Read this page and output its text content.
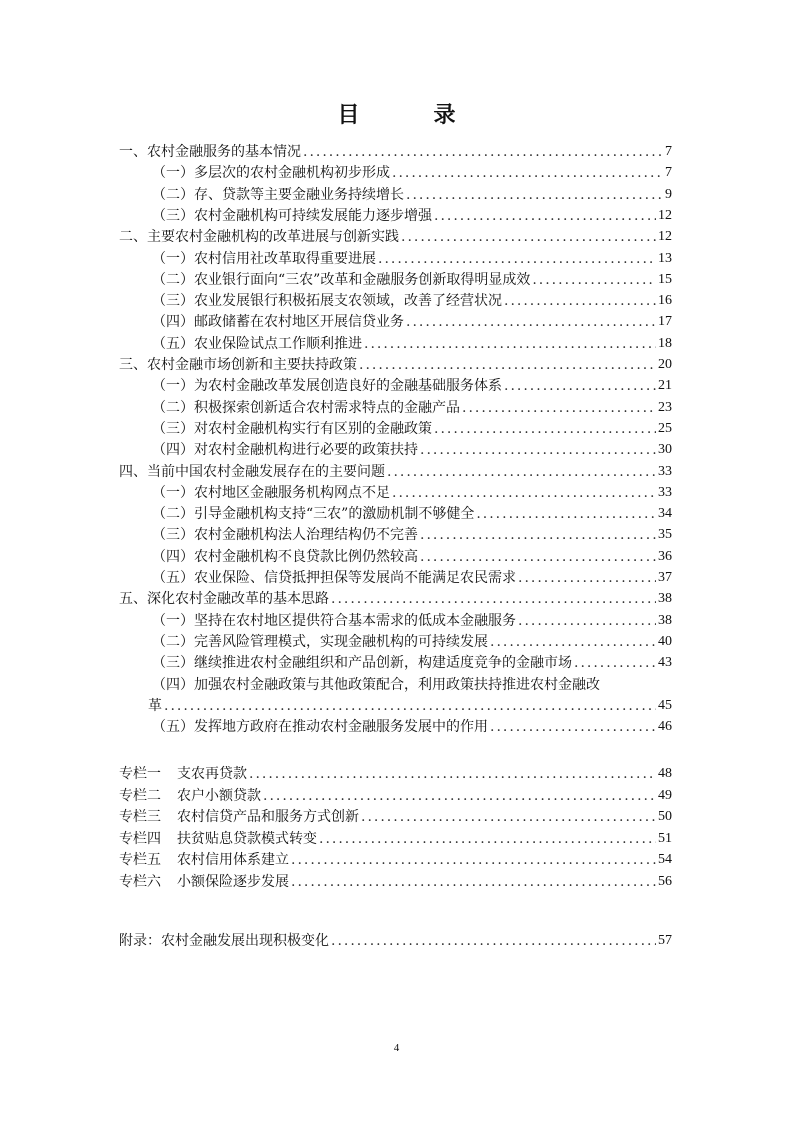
目　录
一、农村金融服务的基本情况 .....	7
（一）多层次的农村金融机构初步形成 .....	7
（二）存、贷款等主要金融业务持续增长 .....	9
（三）农村金融机构可持续发展能力逐步增强 .....	12
二、主要农村金融机构的改革进展与创新实践 .....	12
（一）农村信用社改革取得重要进展 .....	13
（二）农业银行面向“三农”改革和金融服务创新取得明显成效 .....	15
（三）农业发展银行积极拓展支农领域，改善了经营状况 .....	16
（四）邮政储蓄在农村地区开展信贷业务 .....	17
（五）农业保险试点工作顺利推进 .....	18
三、农村金融市场创新和主要扶持政策 .....	20
（一）为农村金融改革发展创造良好的金融基础服务体系 .....	21
（二）积极探索创新适合农村需求特点的金融产品 .....	23
（三）对农村金融机构实行有区别的金融政策 .....	25
（四）对农村金融机构进行必要的政策扶持 .....	30
四、当前中国农村金融发展存在的主要问题 .....	33
（一）农村地区金融服务机构网点不足 .....	33
（二）引导金融机构支持“三农”的激励机制不够健全 .....	34
（三）农村金融机构法人治理结构仍不完善 .....	35
（四）农村金融机构不良贷款比例仍然较高 .....	36
（五）农业保险、信贷抵押担保等发展尚不能满足农民需求 .....	37
五、深化农村金融改革的基本思路 .....	38
（一）坚持在农村地区提供符合基本需求的低成本金融服务 .....	38
（二）完善风险管理模式，实现金融机构的可持续发展 .....	40
（三）继续推进农村金融组织和产品创新，构建适度竞争的金融市场 .....	43
（四）加强农村金融政策与其他政策配合，利用政策扶持推进农村金融改
革 .....	45
（五）发挥地方政府在推动农村金融服务发展中的作用 .....	46
专栏一 支农再贷款 .....	48
专栏二 农户小额贷款 .....	49
专栏三 农村信贷产品和服务方式创新 .....	50
专栏四 扶贫贴息贷款模式转变 .....	51
专栏五 农村信用体系建立 .....	54
专栏六 小额保险逐步发展 .....	56
附录：农村金融发展出现积极变化 .....	57
4
